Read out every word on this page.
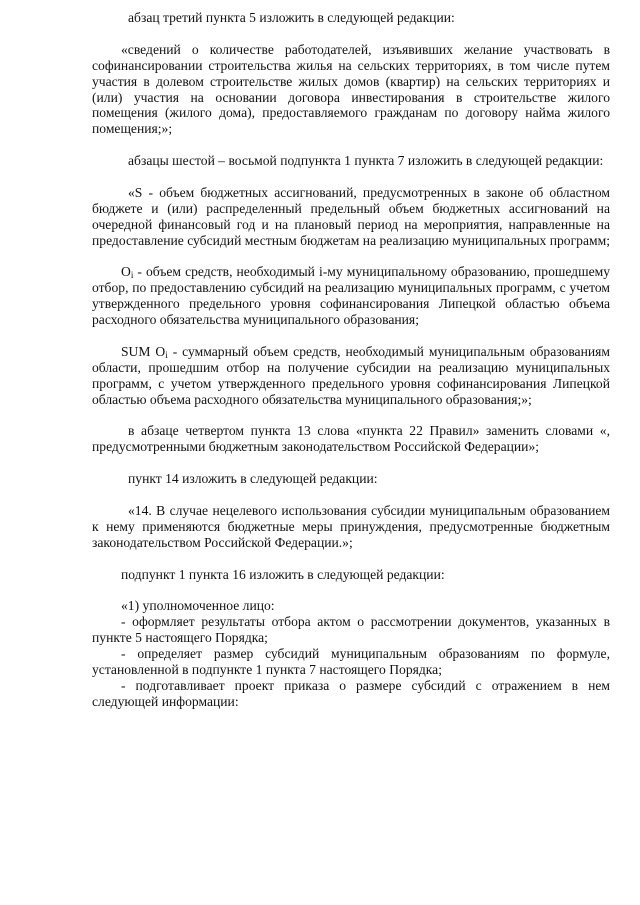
абзац третий пункта 5 изложить в следующей редакции:

«сведений о количестве работодателей, изъявивших желание участвовать в софинансировании строительства жилья на сельских территориях, в том числе путем участия в долевом строительстве жилых домов (квартир) на сельских территориях и (или) участия на основании договора инвестирования в строительстве жилого помещения (жилого дома), предоставляемого гражданам по договору найма жилого помещения;»;

абзацы шестой – восьмой подпункта 1 пункта 7 изложить в следующей редакции:

«S - объем бюджетных ассигнований, предусмотренных в законе об областном бюджете и (или) распределенный предельный объем бюджетных ассигнований на очередной финансовый год и на плановый период на мероприятия, направленные на предоставление субсидий местным бюджетам на реализацию муниципальных программ;

$O_i$ - объем средств, необходимый i-му муниципальному образованию, прошедшему отбор, по предоставлению субсидий на реализацию муниципальных программ, с учетом утвержденного предельного уровня софинансирования Липецкой областью объема расходного обязательства муниципального образования;

SUM $O_i$ - суммарный объем средств, необходимый муниципальным образованиям области, прошедшим отбор на получение субсидии на реализацию муниципальных программ, с учетом утвержденного предельного уровня софинансирования Липецкой областью объема расходного обязательства муниципального образования;»;

в абзаце четвертом пункта 13 слова «пункта 22 Правил» заменить словами «, предусмотренными бюджетным законодательством Российской Федерации»;

пункт 14 изложить в следующей редакции:

«14. В случае нецелевого использования субсидии муниципальным образованием к нему применяются бюджетные меры принуждения, предусмотренные бюджетным законодательством Российской Федерации.»;

подпункт 1 пункта 16 изложить в следующей редакции:

«1) уполномоченное лицо:

- оформляет результаты отбора актом о рассмотрении документов, указанных в пункте 5 настоящего Порядка;

- определяет размер субсидий муниципальным образованиям по формуле, установленной в подпункте 1 пункта 7 настоящего Порядка;

- подготавливает проект приказа о размере субсидий с отражением в нем следующей информации:
